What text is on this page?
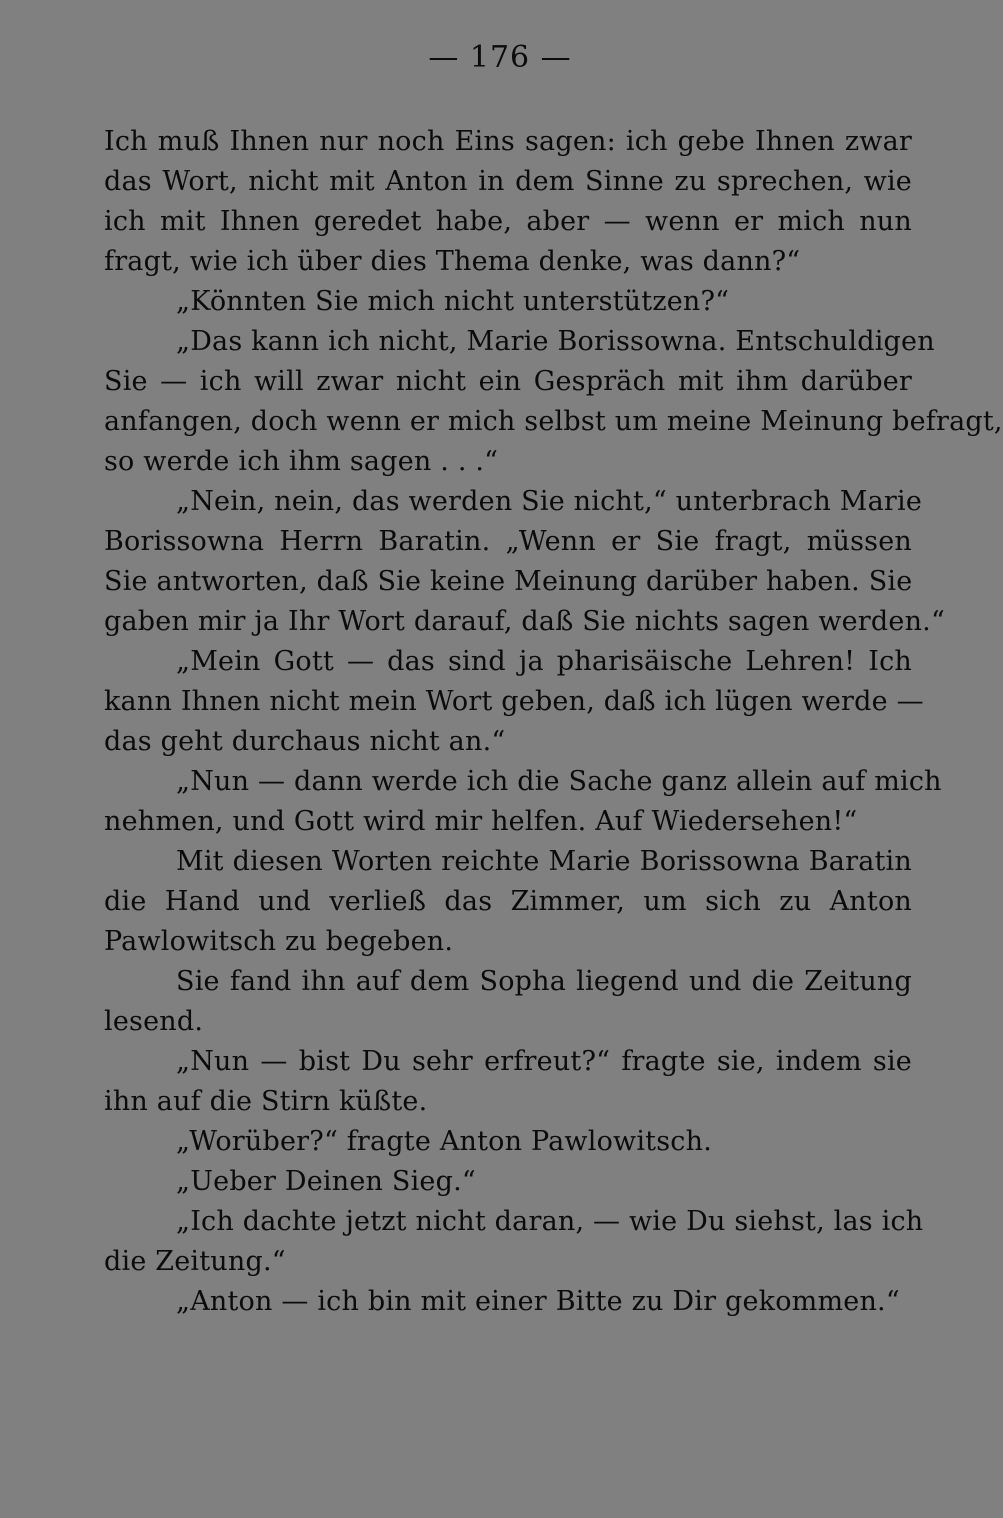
— 176 —
Ich muß Ihnen nur noch Eins sagen: ich gebe Ihnen zwar
das Wort, nicht mit Anton in dem Sinne zu sprechen, wie
ich mit Ihnen geredet habe, aber — wenn er mich nun
fragt, wie ich über dies Thema denke, was dann?“
„Könnten Sie mich nicht unterstützen?“
„Das kann ich nicht, Marie Borissowna. Entschuldigen
Sie — ich will zwar nicht ein Gespräch mit ihm darüber
anfangen, doch wenn er mich selbst um meine Meinung befragt,
so werde ich ihm sagen . . .“
„Nein, nein, das werden Sie nicht,“ unterbrach Marie
Borissowna Herrn Baratin. „Wenn er Sie fragt, müssen
Sie antworten, daß Sie keine Meinung darüber haben. Sie
gaben mir ja Ihr Wort darauf, daß Sie nichts sagen werden.“
„Mein Gott — das sind ja pharisäische Lehren! Ich
kann Ihnen nicht mein Wort geben, daß ich lügen werde —
das geht durchaus nicht an.“
„Nun — dann werde ich die Sache ganz allein auf mich
nehmen, und Gott wird mir helfen. Auf Wiedersehen!“
Mit diesen Worten reichte Marie Borissowna Baratin
die Hand und verließ das Zimmer, um sich zu Anton
Pawlowitsch zu begeben.
Sie fand ihn auf dem Sopha liegend und die Zeitung
lesend.
„Nun — bist Du sehr erfreut?“ fragte sie, indem sie
ihn auf die Stirn küßte.
„Worüber?“ fragte Anton Pawlowitsch.
„Ueber Deinen Sieg.“
„Ich dachte jetzt nicht daran, — wie Du siehst, las ich
die Zeitung.“
„Anton — ich bin mit einer Bitte zu Dir gekommen.“
